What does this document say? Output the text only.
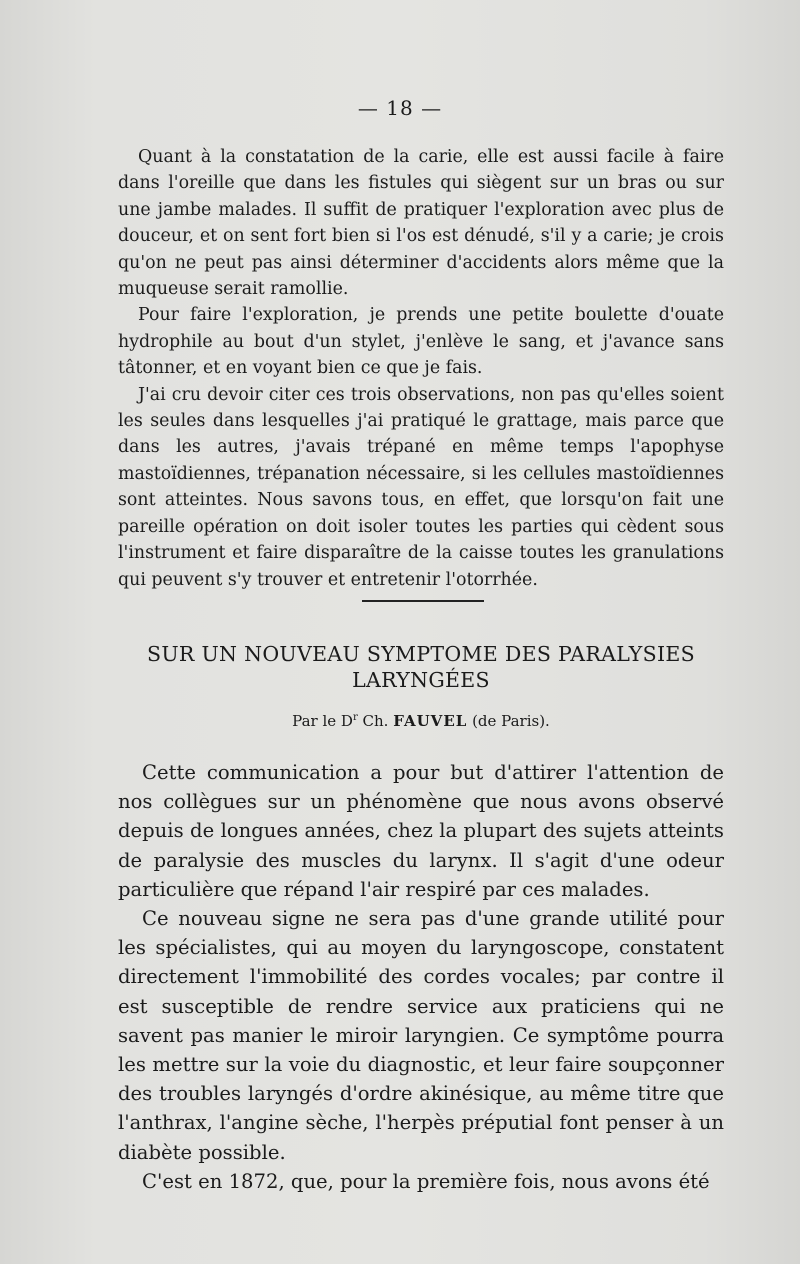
— 18 —

Quant à la constatation de la carie, elle est aussi facile à faire dans l'oreille que dans les fistules qui siègent sur un bras ou sur une jambe malades. Il suffit de pratiquer l'exploration avec plus de douceur, et on sent fort bien si l'os est dénudé, s'il y a carie; je crois qu'on ne peut pas ainsi déterminer d'accidents alors même que la muqueuse serait ramollie.

Pour faire l'exploration, je prends une petite boulette d'ouate hydrophile au bout d'un stylet, j'enlève le sang, et j'avance sans tâtonner, et en voyant bien ce que je fais.

J'ai cru devoir citer ces trois observations, non pas qu'elles soient les seules dans lesquelles j'ai pratiqué le grattage, mais parce que dans les autres, j'avais trépané en même temps l'apophyse mastoïdiennes, trépanation nécessaire, si les cellules mastoïdiennes sont atteintes. Nous savons tous, en effet, que lorsqu'on fait une pareille opération on doit isoler toutes les parties qui cèdent sous l'instrument et faire disparaître de la caisse toutes les granulations qui peuvent s'y trouver et entretenir l'otorrhée.

SUR UN NOUVEAU SYMPTOME DES PARALYSIES
LARYNGÉES
Par le $D^r$ Ch. FAUVEL (de Paris).

Cette communication a pour but d'attirer l'attention de nos collègues sur un phénomène que nous avons observé depuis de longues années, chez la plupart des sujets atteints de paralysie des muscles du larynx. Il s'agit d'une odeur particulière que répand l'air respiré par ces malades.

Ce nouveau signe ne sera pas d'une grande utilité pour les spécialistes, qui au moyen du laryngoscope, constatent directement l'immobilité des cordes vocales; par contre il est susceptible de rendre service aux praticiens qui ne savent pas manier le miroir laryngien. Ce symptôme pourra les mettre sur la voie du diagnostic, et leur faire soupçonner des troubles laryngés d'ordre akinésique, au même titre que l'anthrax, l'angine sèche, l'herpès préputial font penser à un diabète possible.

C'est en 1872, que, pour la première fois, nous avons été
